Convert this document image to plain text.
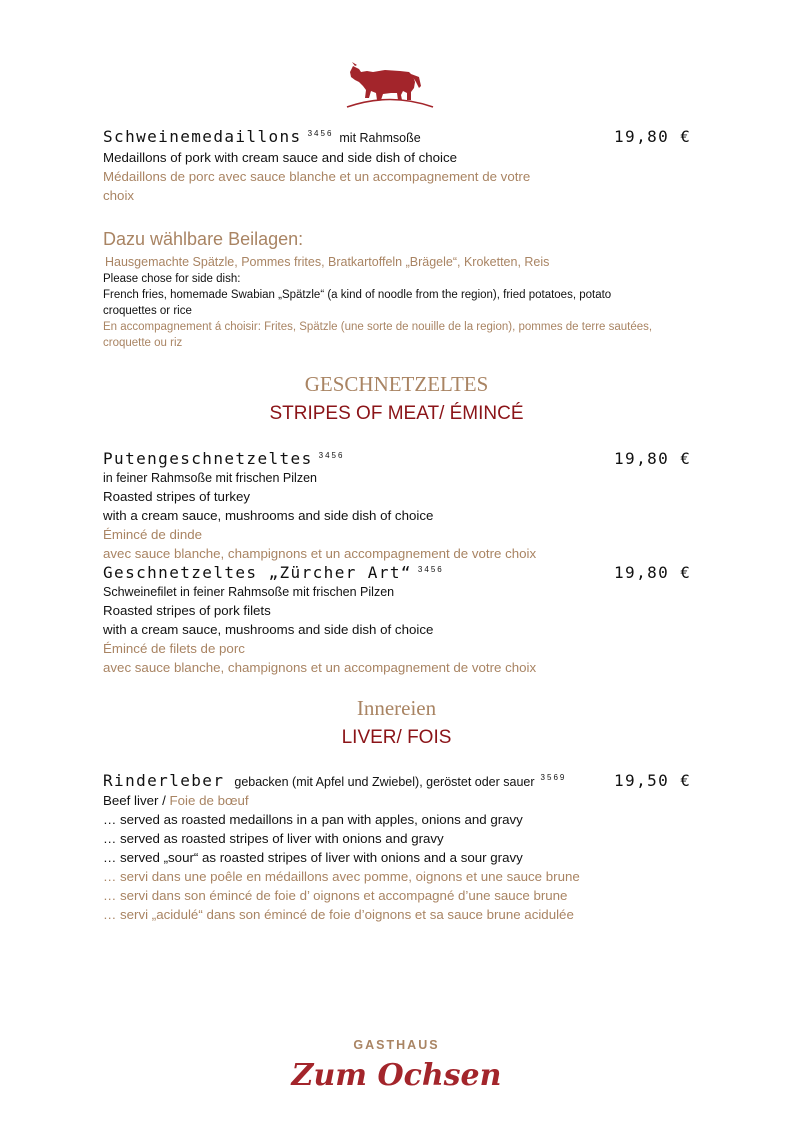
Schweinemedaillons $^{3456}$ mit Rahmsoße	19,80 €
Medaillons of pork with cream sauce and side dish of choice
Médaillons de porc avec sauce blanche et un accompagnement de votre
choix
Dazu wählbare Beilagen:
Hausgemachte Spätzle, Pommes frites, Bratkartoffeln „Brägele“, Kroketten, Reis
Please chose for side dish:
French fries, homemade Swabian „Spätzle“ (a kind of noodle from the region), fried potatoes, potato
croquettes or rice
En accompagnement á choisir: Frites, Spätzle (une sorte de nouille de la region), pommes de terre sautées,
croquette ou riz
GESCHNETZELTES
STRIPES OF MEAT/ ÉMINCÉ
Putengeschnetzeltes $^{3456}$	19,80 €
in feiner Rahmsoße mit frischen Pilzen
Roasted stripes of turkey
with a cream sauce, mushrooms and side dish of choice
Émincé de dinde
avec sauce blanche, champignons et un accompagnement de votre choix
Geschnetzeltes „Zürcher Art“ $^{3456}$	19,80 €
Schweinefilet in feiner Rahmsoße mit frischen Pilzen
Roasted stripes of pork filets
with a cream sauce, mushrooms and side dish of choice
Émincé de filets de porc
avec sauce blanche, champignons et un accompagnement de votre choix
Innereien
LIVER/ FOIS
Rinderleber gebacken (mit Apfel und Zwiebel), geröstet oder sauer $^{3569}$	19,50 €
Beef liver / Foie de bœuf
… served as roasted medaillons in a pan with apples, onions and gravy
… served as roasted stripes of liver with onions and gravy
… served „sour“ as roasted stripes of liver with onions and a sour gravy
… servi dans une poêle en médaillons avec pomme, oignons et une sauce brune
… servi dans son émincé de foie d’ oignons et accompagné d’une sauce brune
… servi „acidulé“ dans son émincé de foie d’oignons et sa sauce brune acidulée
GASTHAUS
Zum Ochsen
